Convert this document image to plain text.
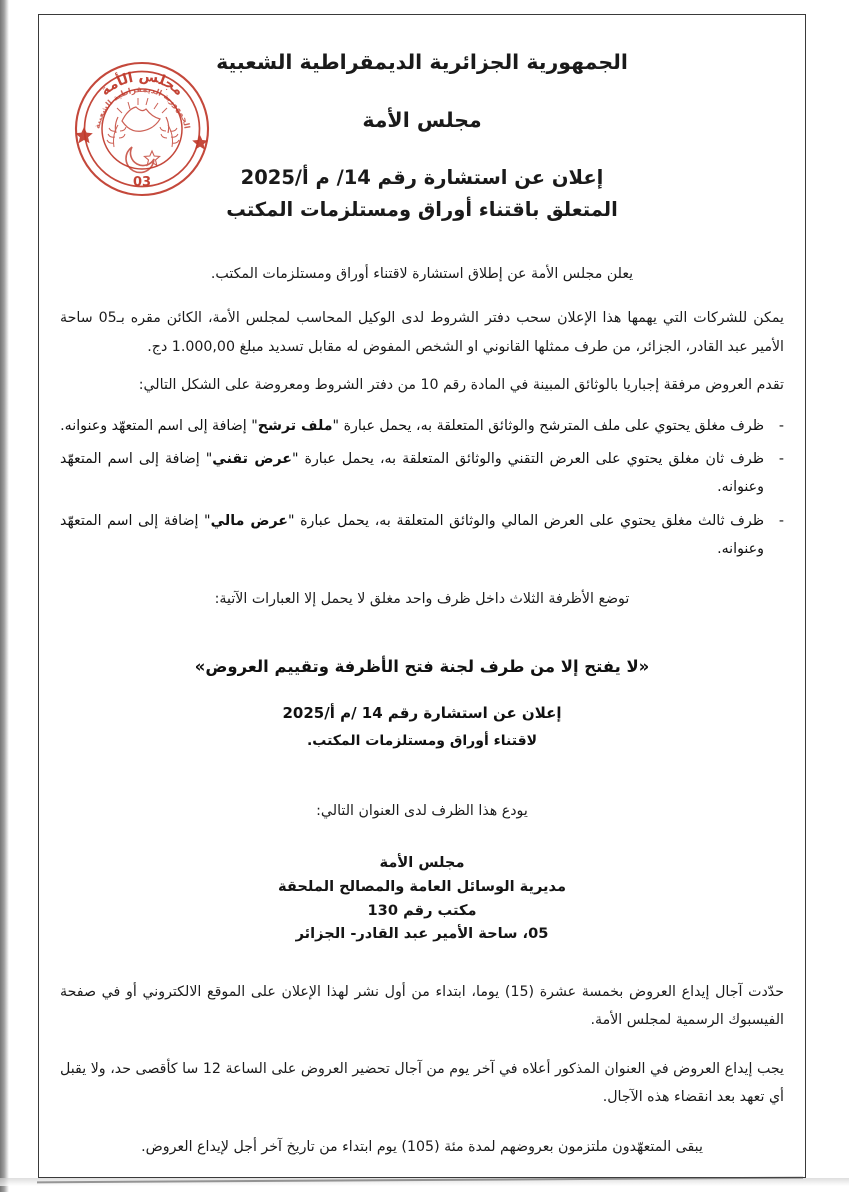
مجلس الأمة
الجمهورية الديمقراطية الشعبية
03
الجمهورية الجزائرية الديمقراطية الشعبية
مجلس الأمة
إعلان عن استشارة رقم 14/ م أ/2025
المتعلق باقتناء أوراق ومستلزمات المكتب
يعلن مجلس الأمة عن إطلاق استشارة لاقتناء أوراق ومستلزمات المكتب.
يمكن للشركات التي يهمها هذا الإعلان سحب دفتر الشروط لدى الوكيل المحاسب لمجلس الأمة، الكائن مقره بـ05 ساحة الأمير عبد القادر، الجزائر، من طرف ممثلها القانوني او الشخص المفوض له مقابل تسديد مبلغ 1.000,00 دج.
تقدم العروض مرفقة إجباريا بالوثائق المبينة في المادة رقم 10 من دفتر الشروط ومعروضة على الشكل التالي:
-
ظرف مغلق يحتوي على ملف المترشح والوثائق المتعلقة به، يحمل عبارة "ملف ترشح" إضافة إلى اسم المتعهّد وعنوانه.
-
ظرف ثان مغلق يحتوي على العرض التقني والوثائق المتعلقة به، يحمل عبارة "عرض تقني" إضافة إلى اسم المتعهّد وعنوانه.
-
ظرف ثالث مغلق يحتوي على العرض المالي والوثائق المتعلقة به، يحمل عبارة "عرض مالي" إضافة إلى اسم المتعهّد وعنوانه.
توضع الأظرفة الثلاث داخل ظرف واحد مغلق لا يحمل إلا العبارات الآتية:
«لا يفتح إلا من طرف لجنة فتح الأظرفة وتقييم العروض»
إعلان عن استشارة رقم 14 /م أ/2025
لاقتناء أوراق ومستلزمات المكتب.
يودع هذا الظرف لدى العنوان التالي:
مجلس الأمة
مديرية الوسائل العامة والمصالح الملحقة
مكتب رقم 130
05، ساحة الأمير عبد القادر- الجزائر
حدّدت آجال إيداع العروض بخمسة عشرة (15) يوما، ابتداء من أول نشر لهذا الإعلان على الموقع الالكتروني أو في صفحة الفيسبوك الرسمية لمجلس الأمة.
يجب إيداع العروض في العنوان المذكور أعلاه في آخر يوم من آجال تحضير العروض على الساعة 12 سا كأقصى حد، ولا يقبل أي تعهد بعد انقضاء هذه الآجال.
يبقى المتعهّدون ملتزمون بعروضهم لمدة مئة (105) يوم ابتداء من تاريخ آخر أجل لإيداع العروض.
